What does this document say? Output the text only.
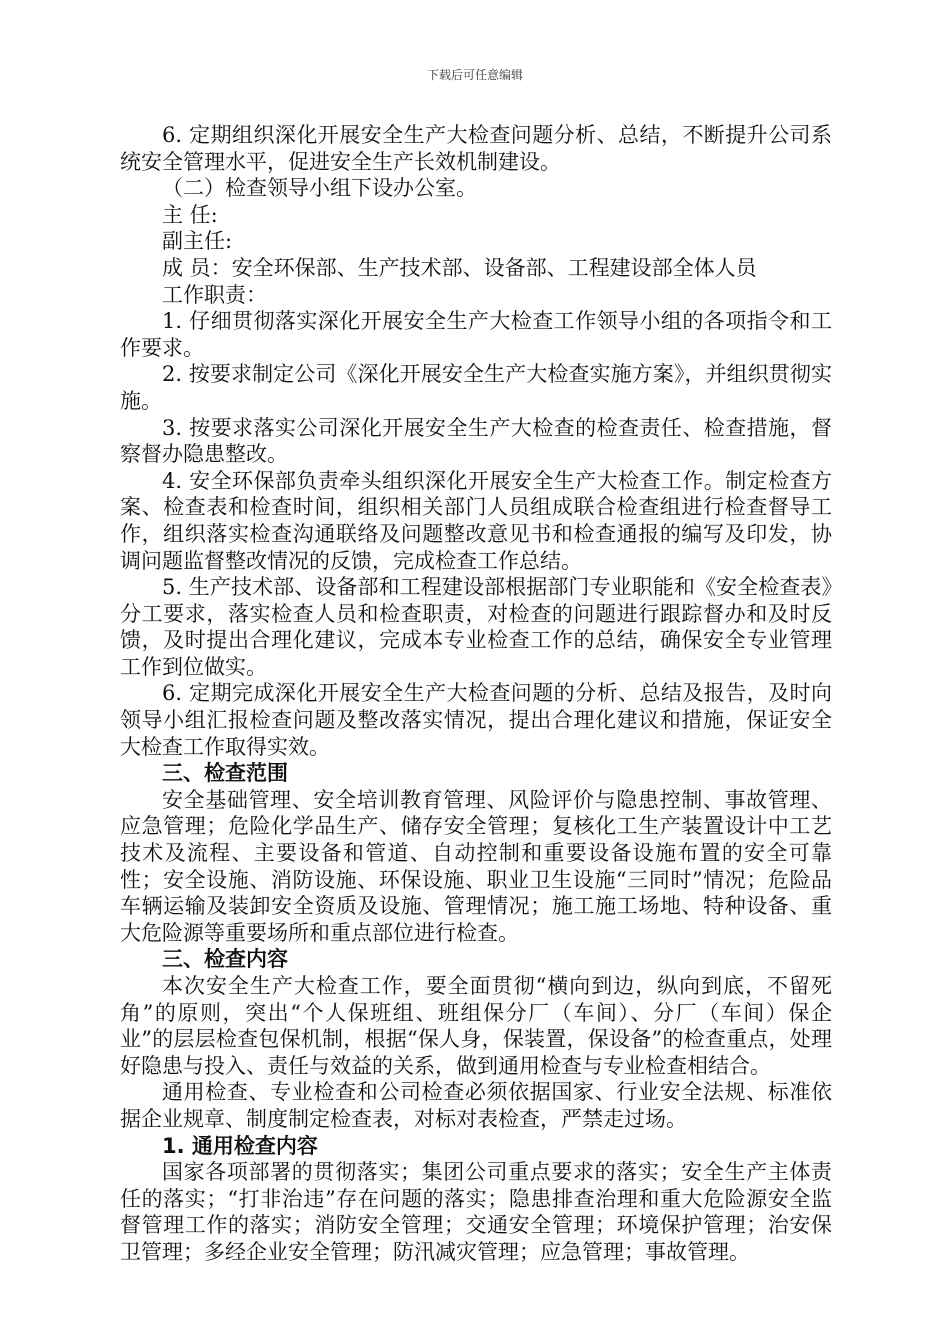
下载后可任意编辑

6. 定期组织深化开展安全生产大检查问题分析、总结，不断提升公司系统安全管理水平，促进安全生产长效机制建设。

（二）检查领导小组下设办公室。

主 任:

副主任:

成 员：安全环保部、生产技术部、设备部、工程建设部全体人员

工作职责：

1. 仔细贯彻落实深化开展安全生产大检查工作领导小组的各项指令和工作要求。

2. 按要求制定公司《深化开展安全生产大检查实施方案》，并组织贯彻实施。

3. 按要求落实公司深化开展安全生产大检查的检查责任、检查措施，督察督办隐患整改。

4. 安全环保部负责牵头组织深化开展安全生产大检查工作。制定检查方案、检查表和检查时间，组织相关部门人员组成联合检查组进行检查督导工作，组织落实检查沟通联络及问题整改意见书和检查通报的编写及印发，协调问题监督整改情况的反馈，完成检查工作总结。

5. 生产技术部、设备部和工程建设部根据部门专业职能和《安全检查表》分工要求，落实检查人员和检查职责，对检查的问题进行跟踪督办和及时反馈，及时提出合理化建议，完成本专业检查工作的总结，确保安全专业管理工作到位做实。

6. 定期完成深化开展安全生产大检查问题的分析、总结及报告，及时向领导小组汇报检查问题及整改落实情况，提出合理化建议和措施，保证安全大检查工作取得实效。

三、检查范围

安全基础管理、安全培训教育管理、风险评价与隐患控制、事故管理、应急管理；危险化学品生产、储存安全管理；复核化工生产装置设计中工艺技术及流程、主要设备和管道、自动控制和重要设备设施布置的安全可靠性；安全设施、消防设施、环保设施、职业卫生设施“三同时”情况；危险品车辆运输及装卸安全资质及设施、管理情况；施工施工场地、特种设备、重大危险源等重要场所和重点部位进行检查。

三、检查内容

本次安全生产大检查工作，要全面贯彻“横向到边，纵向到底，不留死角”的原则，突出“个人保班组、班组保分厂（车间）、分厂（车间）保企业”的层层检查包保机制，根据“保人身，保装置，保设备”的检查重点，处理好隐患与投入、责任与效益的关系，做到通用检查与专业检查相结合。

通用检查、专业检查和公司检查必须依据国家、行业安全法规、标准依据企业规章、制度制定检查表，对标对表检查，严禁走过场。

1. 通用检查内容

国家各项部署的贯彻落实；集团公司重点要求的落实；安全生产主体责任的落实；“打非治违”存在问题的落实；隐患排查治理和重大危险源安全监督管理工作的落实；消防安全管理；交通安全管理；环境保护管理；治安保卫管理；多经企业安全管理；防汛减灾管理；应急管理；事故管理。
